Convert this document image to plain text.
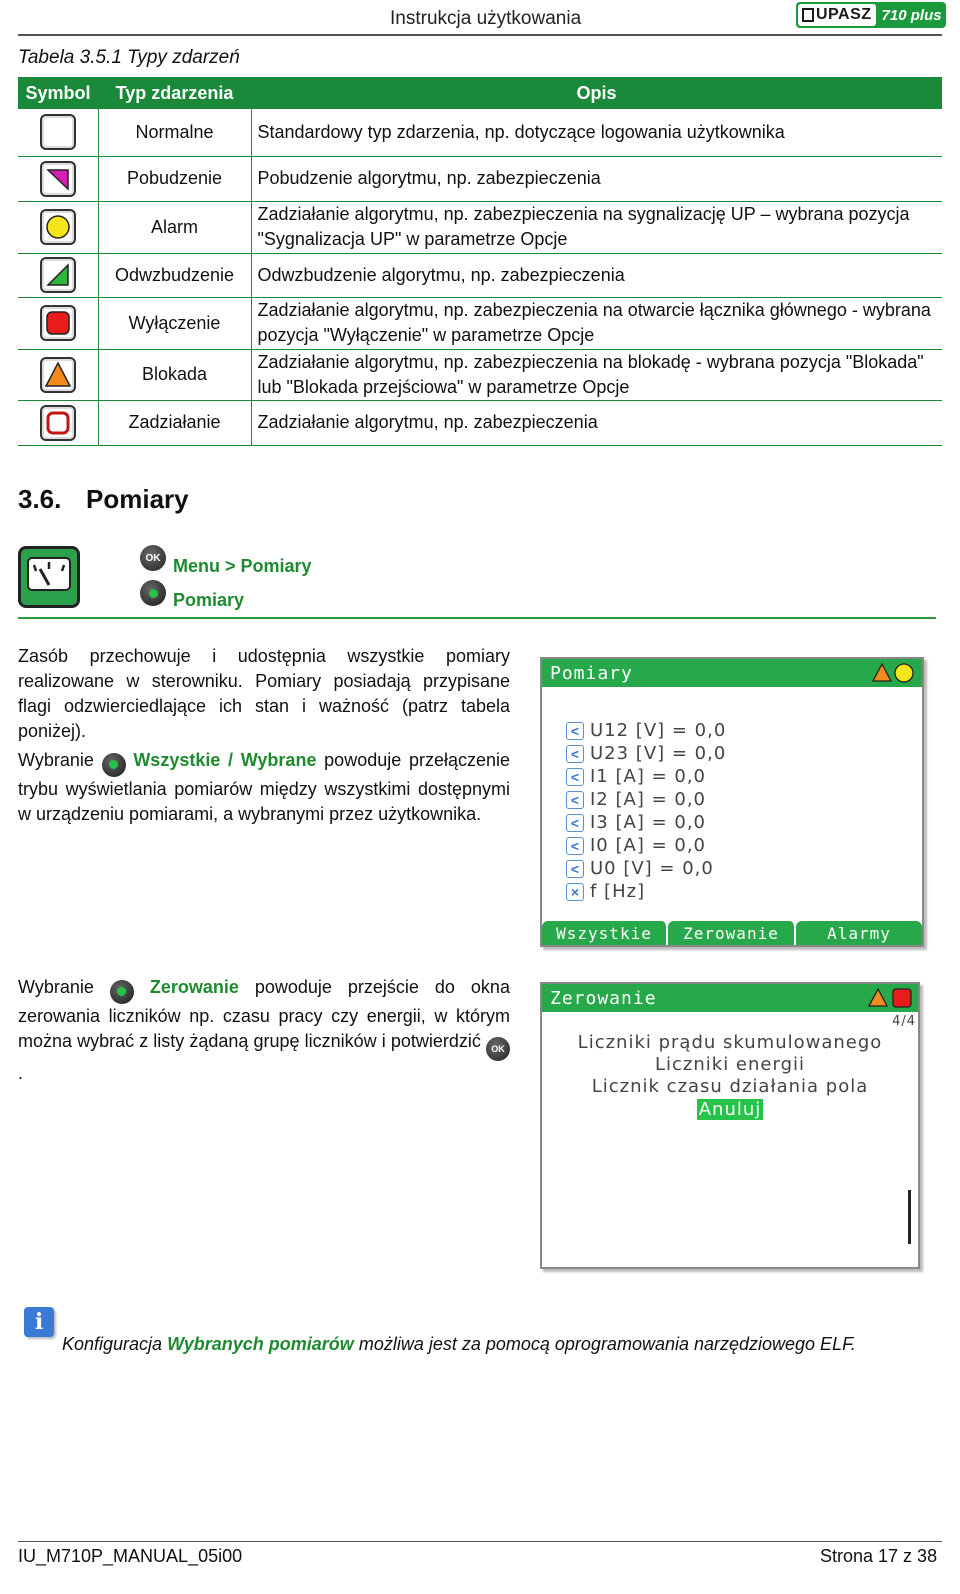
Instrukcja użytkowania	UPASZ 710 plus
Tabela 3.5.1 Typy zdarzeń
Symbol	Typ zdarzenia	Opis
	Normalne	Standardowy typ zdarzenia, np. dotyczące logowania użytkownika

	Pobudzenie	Pobudzenie algorytmu, np. zabezpieczenia

	Alarm	Zadziałanie algorytmu, np. zabezpieczenia na sygnalizację UP – wybrana pozycja "Sygnalizacja UP" w parametrze Opcje

	Odwzbudzenie	Odwzbudzenie algorytmu, np. zabezpieczenia

	Wyłączenie	Zadziałanie algorytmu, np. zabezpieczenia na otwarcie łącznika głównego - wybrana pozycja "Wyłączenie" w parametrze Opcje

	Blokada	Zadziałanie algorytmu, np. zabezpieczenia na blokadę - wybrana pozycja "Blokada" lub "Blokada przejściowa" w parametrze Opcje

	Zadziałanie	Zadziałanie algorytmu, np. zabezpieczenia
3.6. Pomiary
OK Menu > Pomiary
Pomiary
Zasób przechowuje i udostępnia wszystkie pomiary realizowane w sterowniku. Pomiary posiadają przypisane flagi odzwierciedlające ich stan i ważność (patrz tabela poniżej).
Wybranie Wszystkie / Wybrane powoduje przełączenie trybu wyświetlania pomiarów między wszystkimi dostępnymi w urządzeniu pomiarami, a wybranymi przez użytkownika.
Pomiary
< U12 [V] = 0,0
< U23 [V] = 0,0
< I1 [A] = 0,0
< I2 [A] = 0,0
< I3 [A] = 0,0
< I0 [A] = 0,0
< U0 [V] = 0,0
× f [Hz]
Wszystkie	Zerowanie	Alarmy
Wybranie	Zerowanie powoduje przejście do okna zerowania liczników np. czasu pracy czy energii, w którym można wybrać z listy żądaną grupę liczników i potwierdzić OK.
Zerowanie
4/4
Liczniki prądu skumulowanego
Liczniki energii
Licznik czasu działania pola
Anuluj
i
Konfiguracja Wybranych pomiarów możliwa jest za pomocą oprogramowania narzędziowego ELF.
IU_M710P_MANUAL_05i00	Strona 17 z 38
